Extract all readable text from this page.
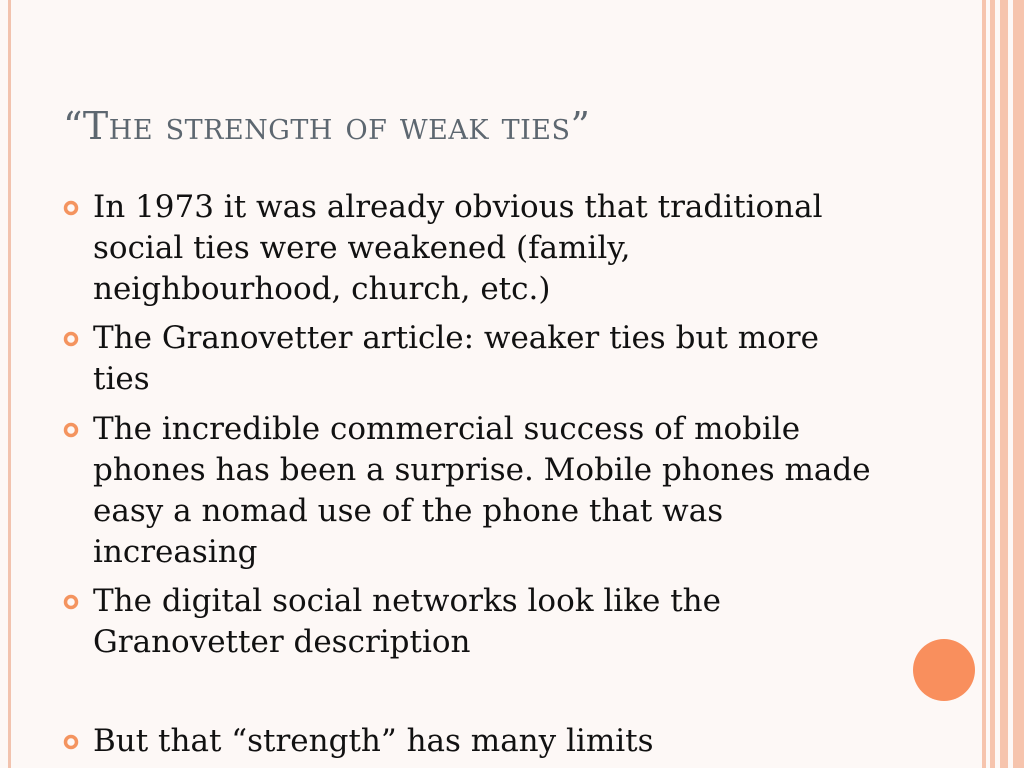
“The strength of weak ties”
In 1973 it was already obvious that traditional social ties were weakened (family, neighbourhood, church, etc.)
The Granovetter article: weaker ties but more ties
The incredible commercial success of mobile phones has been a surprise. Mobile phones made easy a nomad use of the phone that was increasing
The digital social networks look like the Granovetter description
But that “strength” has many limits
